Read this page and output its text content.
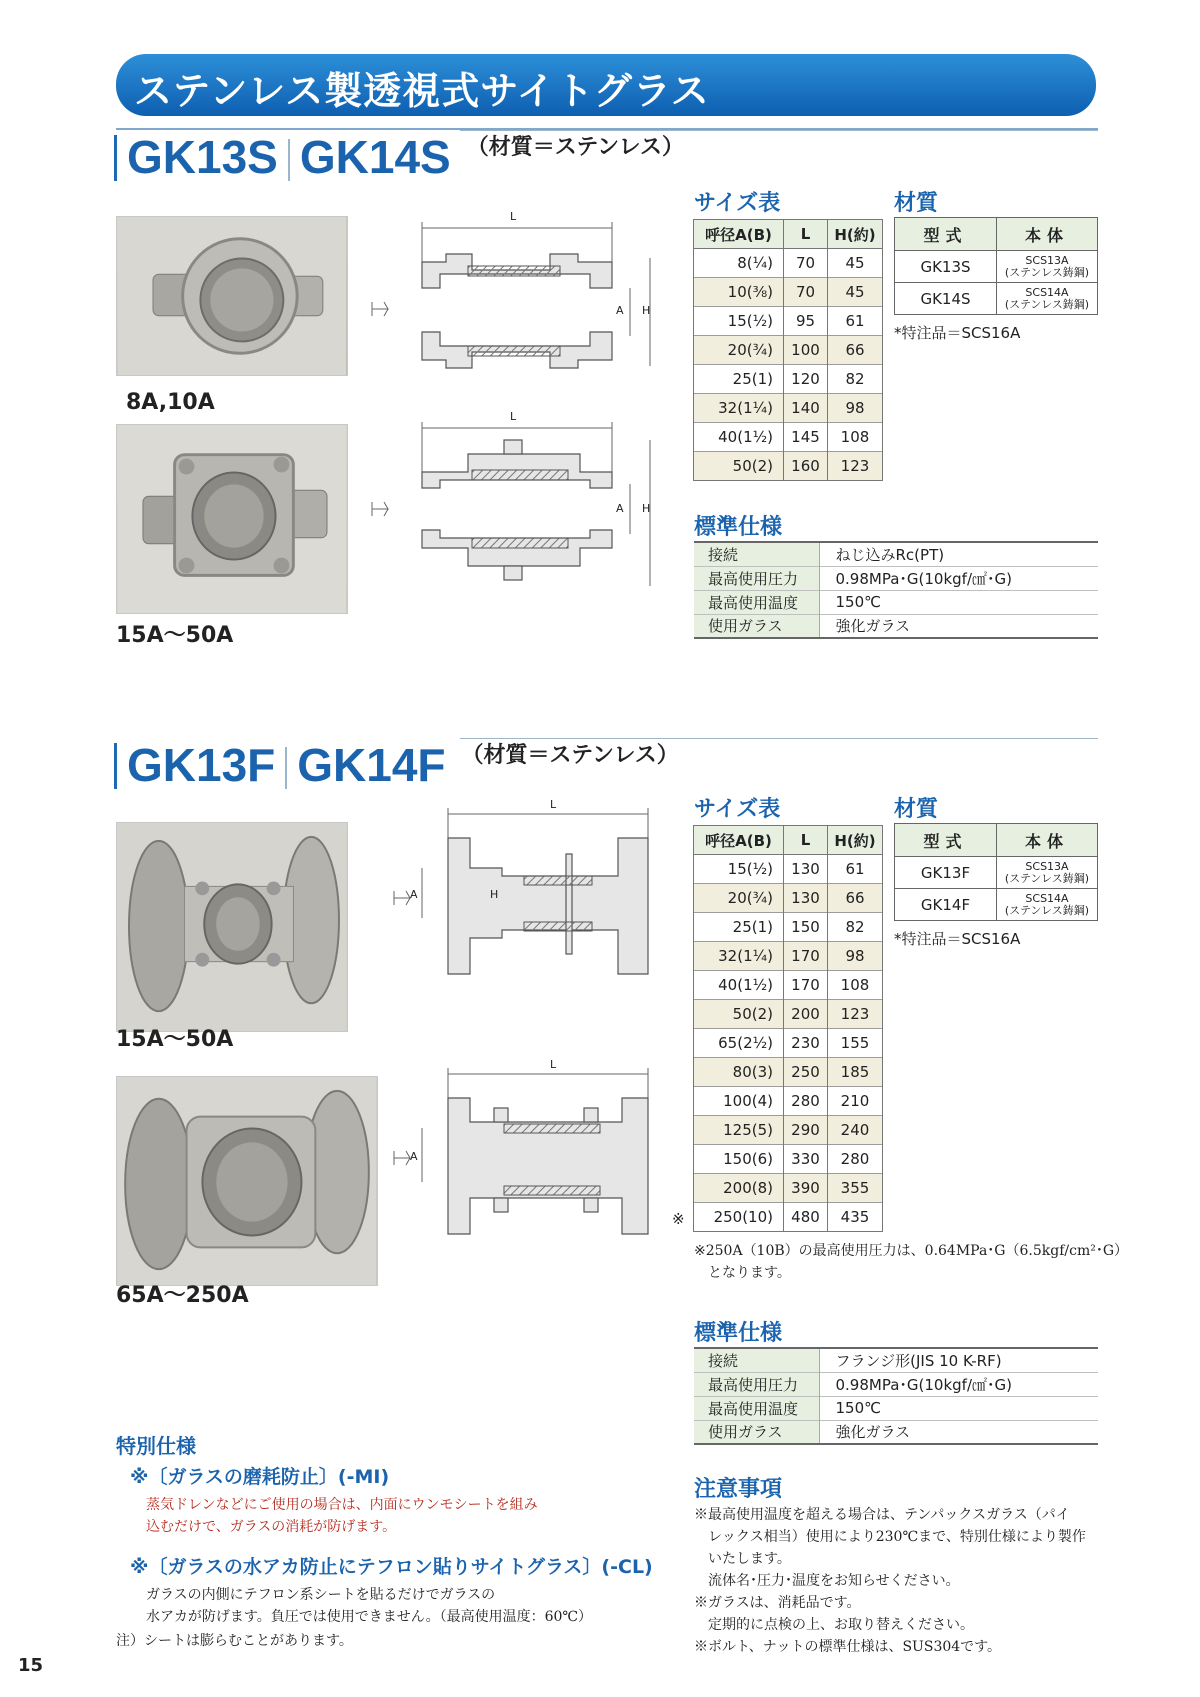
ステンレス製透視式サイトグラス
GK13S GK14S （材質＝ステンレス）
8A,10A
15A～50A
L
A H
L
A H
サイズ表
呼径A(B)	L	H(約)
8(¼)	70	45
10(⅜)	70	45
15(½)	95	61
20(¾)	100	66
25(1)	120	82
32(1¼)	140	98
40(1½)	145	108
50(2)	160	123
材質
型式	本体
GK13S	SCS13A
(ステンレス鋳鋼)

GK14S	SCS14A
(ステンレス鋳鋼)
*特注品＝SCS16A
標準仕様
接続	ねじ込みRc(PT)
最高使用圧力	0.98MPa･G(10kgf/㎠･G)
最高使用温度	150℃
使用ガラス	強化ガラス
GK13F GK14F （材質＝ステンレス）
15A～50A
65A～250A
L
A	H
L
A
サイズ表
呼径A(B)	L	H(約)
15(½)	130	61
20(¾)	130	66
25(1)	150	82
32(1¼)	170	98
40(1½)	170	108
50(2)	200	123
65(2½)	230	155
80(3)	250	185
100(4)	280	210
125(5)	290	240
150(6)	330	280
200(8)	390	355
250(10)	480	435
※
※250A（10B）の最高使用圧力は、0.64MPa･G（6.5kgf/cm²･G）
となります。
材質
型式	本体
GK13F	SCS13A
(ステンレス鋳鋼)

GK14F	SCS14A
(ステンレス鋳鋼)
*特注品＝SCS16A
標準仕様
接続	フランジ形(JIS 10 K-RF)
最高使用圧力	0.98MPa･G(10kgf/㎠･G)
最高使用温度	150℃
使用ガラス	強化ガラス
特別仕様
※〔ガラスの磨耗防止〕(-MI)
蒸気ドレンなどにご使用の場合は、内面にウンモシートを組み
込むだけで、ガラスの消耗が防げます。
※〔ガラスの水アカ防止にテフロン貼りサイトグラス〕(-CL)
ガラスの内側にテフロン系シートを貼るだけでガラスの
水アカが防げます。負圧では使用できません。（最高使用温度：60℃）
注）シートは膨らむことがあります。
注意事項
※最高使用温度を超える場合は、テンパックスガラス（パイ
　レックス相当）使用により230℃まで、特別仕様により製作
　いたします。
　流体名･圧力･温度をお知らせください。
※ガラスは、消耗品です。
　定期的に点検の上、お取り替えください。
※ボルト、ナットの標準仕様は、SUS304です。
15
